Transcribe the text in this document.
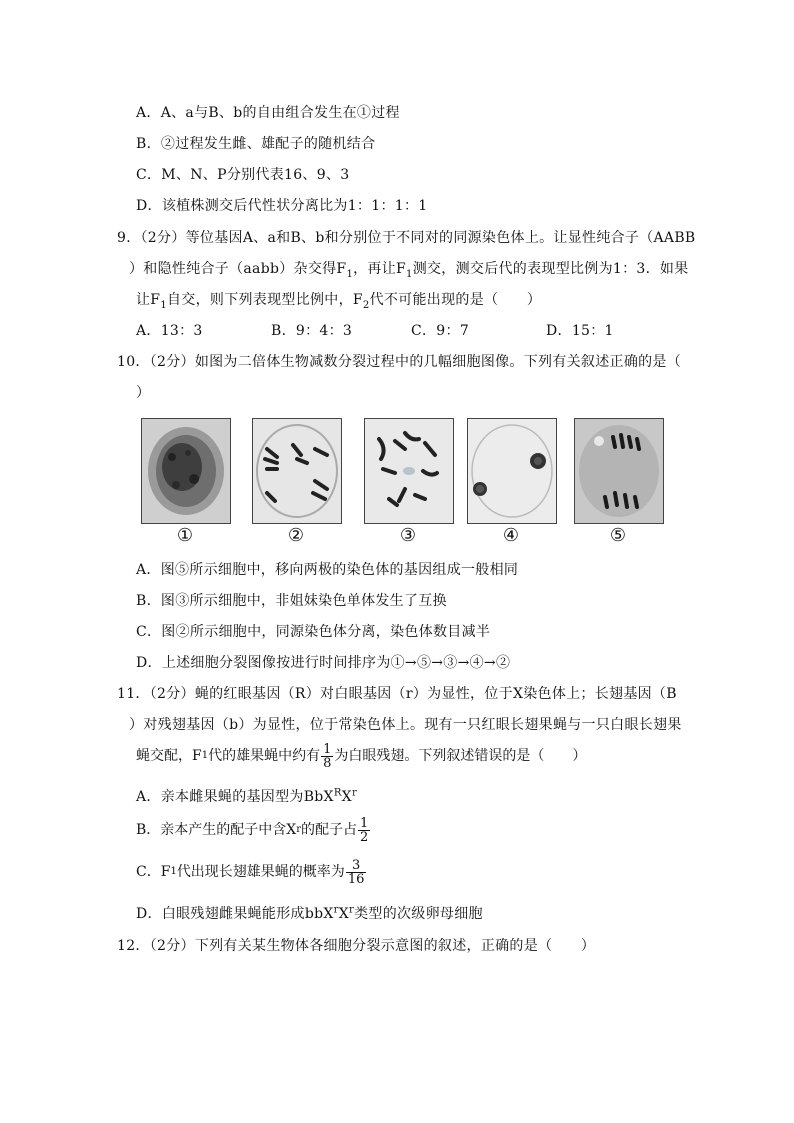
A．A、a与B、b的自由组合发生在①过程
B．②过程发生雌、雄配子的随机结合
C．M、N、P分别代表16、9、3
D．该植株测交后代性状分离比为1：1：1：1
9．（2分）等位基因A、a和B、b和分别位于不同对的同源染色体上。让显性纯合子（AABB
）和隐性纯合子（aabb）杂交得$F_1$，再让$F_1$测交，测交后代的表现型比例为1：3．如果
让$F_1$自交，则下列表现型比例中，$F_2$代不可能出现的是（　　）
A．13：3	B．9：4：3	C．9：7	D．15：1
10．（2分）如图为二倍体生物减数分裂过程中的几幅细胞图像。下列有关叙述正确的是（
）
①	②	③	④	⑤
A．图⑤所示细胞中，移向两极的染色体的基因组成一般相同
B．图③所示细胞中，非姐妹染色单体发生了互换
C．图②所示细胞中，同源染色体分离，染色体数目减半
D．上述细胞分裂图像按进行时间排序为①→⑤→③→④→②
11．（2分）蝇的红眼基因（R）对白眼基因（r）为显性，位于X染色体上；长翅基因（B
）对残翅基因（b）为显性，位于常染色体上。现有一只红眼长翅果蝇与一只白眼长翅果
蝇交配，F 1 代的雄果蝇中约有 $\frac{1}{8}$ 为白眼残翅。下列叙述错误的是（　　）
A．亲本雌果蝇的基因型为$BbX^RX^r$
B．亲本产生的配子中含X r 的配子占 $\frac{1}{2}$
C．F 1 代出现长翅雄果蝇的概率为 $\frac{3}{16}$
D．白眼残翅雌果蝇能形成$bbX^rX^r$类型的次级卵母细胞
12．（2分）下列有关某生物体各细胞分裂示意图的叙述，正确的是（　　）
